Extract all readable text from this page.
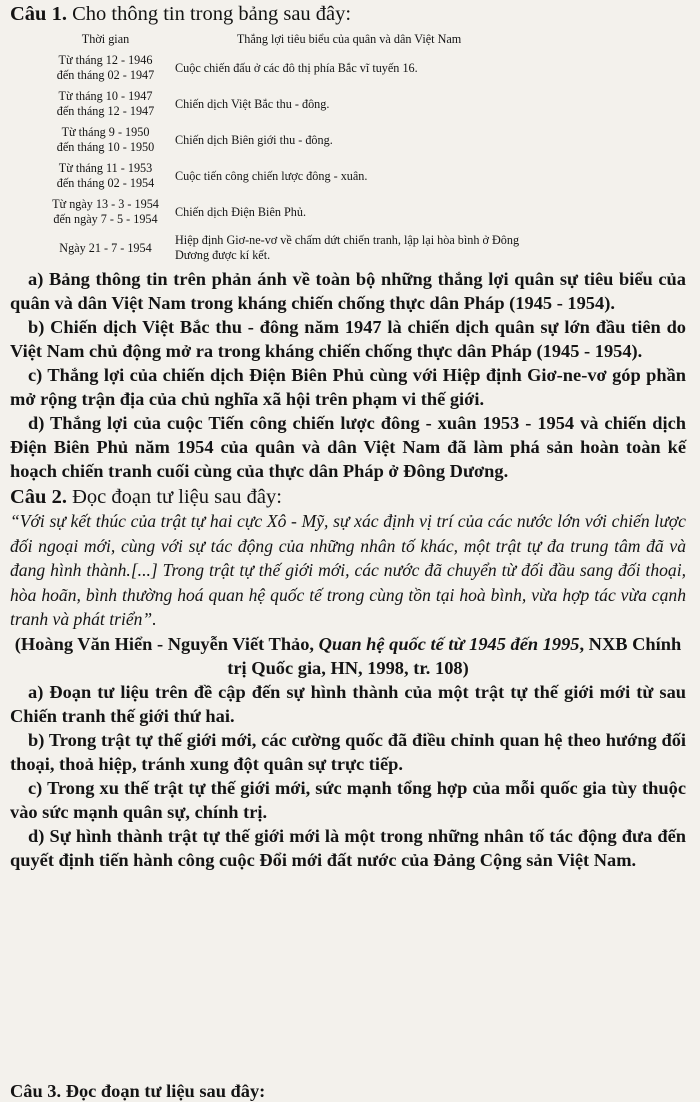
Câu 1. Cho thông tin trong bảng sau đây:
Thời gian	Thắng lợi tiêu biểu của quân và dân Việt Nam
Từ tháng 12 - 1946
đến tháng 02 - 1947	Cuộc chiến đấu ở các đô thị phía Bắc vĩ tuyến 16.
Từ tháng 10 - 1947
đến tháng 12 - 1947	Chiến dịch Việt Bắc thu - đông.
Từ tháng 9 - 1950
đến tháng 10 - 1950	Chiến dịch Biên giới thu - đông.
Từ tháng 11 - 1953
đến tháng 02 - 1954	Cuộc tiến công chiến lược đông - xuân.
Từ ngày 13 - 3 - 1954
đến ngày 7 - 5 - 1954	Chiến dịch Điện Biên Phủ.
Ngày 21 - 7 - 1954	Hiệp định Giơ-ne-vơ về chấm dứt chiến tranh, lập lại hòa bình ở Đông
Dương được kí kết.

a) Bảng thông tin trên phản ánh về toàn bộ những thắng lợi quân sự tiêu biểu của quân và dân Việt Nam trong kháng chiến chống thực dân Pháp (1945 - 1954).

b) Chiến dịch Việt Bắc thu - đông năm 1947 là chiến dịch quân sự lớn đầu tiên do Việt Nam chủ động mở ra trong kháng chiến chống thực dân Pháp (1945 - 1954).

c) Thắng lợi của chiến dịch Điện Biên Phủ cùng với Hiệp định Giơ-ne-vơ góp phần mở rộng trận địa của chủ nghĩa xã hội trên phạm vi thế giới.

d) Thắng lợi của cuộc Tiến công chiến lược đông - xuân 1953 - 1954 và chiến dịch Điện Biên Phủ năm 1954 của quân và dân Việt Nam đã làm phá sản hoàn toàn kế hoạch chiến tranh cuối cùng của thực dân Pháp ở Đông Dương.

Câu 2. Đọc đoạn tư liệu sau đây:

“Với sự kết thúc của trật tự hai cực Xô - Mỹ, sự xác định vị trí của các nước lớn với chiến lược đối ngoại mới, cùng với sự tác động của những nhân tố khác, một trật tự đa trung tâm đã và đang hình thành.[...] Trong trật tự thế giới mới, các nước đã chuyển từ đối đầu sang đối thoại, hòa hoãn, bình thường hoá quan hệ quốc tế trong cùng tồn tại hoà bình, vừa hợp tác vừa cạnh tranh và phát triển”.

(Hoàng Văn Hiển - Nguyễn Viết Thảo, Quan hệ quốc tế từ 1945 đến 1995, NXB Chính trị Quốc gia, HN, 1998, tr. 108)

a) Đoạn tư liệu trên đề cập đến sự hình thành của một trật tự thế giới mới từ sau Chiến tranh thế giới thứ hai.

b) Trong trật tự thế giới mới, các cường quốc đã điều chỉnh quan hệ theo hướng đối thoại, thoả hiệp, tránh xung đột quân sự trực tiếp.

c) Trong xu thế trật tự thế giới mới, sức mạnh tổng hợp của mỗi quốc gia tùy thuộc vào sức mạnh quân sự, chính trị.

d) Sự hình thành trật tự thế giới mới là một trong những nhân tố tác động đưa đến quyết định tiến hành công cuộc Đổi mới đất nước của Đảng Cộng sản Việt Nam.

Câu 3. Đọc đoạn tư liệu sau đây:
